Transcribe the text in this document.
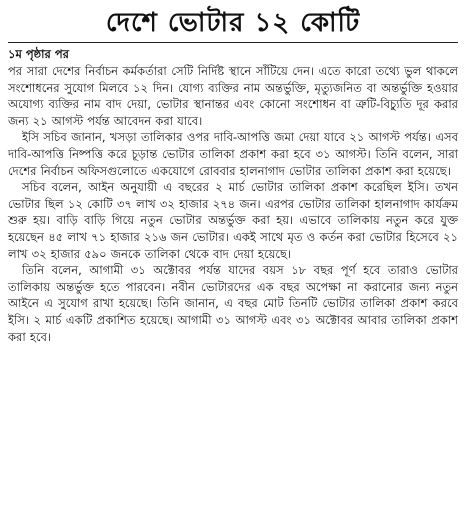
দেশে ভোটার ১২ কোটি

১ম পৃষ্ঠার পর

পর সারা দেশের নির্বাচন কর্মকর্তারা সেটি নির্দিষ্ট স্থানে সাঁটিয়ে দেন। এতে কারো তথ্যে ভুল থাকলে সংশোধনের সুযোগ মিলবে ১২ দিন। যোগ্য ব্যক্তির নাম অন্তর্ভুক্তি, মৃত্যুজনিত বা অন্তর্ভুক্তি হওয়ার অযোগ্য ব্যক্তির নাম বাদ দেয়া, ভোটার স্থানান্তর এবং কোনো সংশোধন বা ত্রুটি-বিচ্যুতি দূর করার জন্য ২১ আগস্ট পর্যন্ত আবেদন করা যাবে।

ইসি সচিব জানান, খসড়া তালিকার ওপর দাবি-আপত্তি জমা দেয়া যাবে ২১ আগস্ট পর্যন্ত। এসব দাবি-আপত্তি নিষ্পত্তি করে চূড়ান্ত ভোটার তালিকা প্রকাশ করা হবে ৩১ আগস্ট। তিনি বলেন, সারা দেশের নির্বাচন অফিসগুলোতে একযোগে রোববার হালনাগাদ ভোটার তালিকা প্রকাশ করা হয়েছে।

সচিব বলেন, আইন অনুযায়ী এ বছরের ২ মার্চ ভোটার তালিকা প্রকাশ করেছিল ইসি। তখন ভোটার ছিল ১২ কোটি ৩৭ লাখ ৩২ হাজার ২৭৪ জন। এরপর ভোটার তালিকা হালনাগাদ কার্যক্রম শুরু হয়। বাড়ি বাড়ি গিয়ে নতুন ভোটার অন্তর্ভুক্ত করা হয়। এভাবে তালিকায় নতুন করে যুক্ত হয়েছেন ৪৫ লাখ ৭১ হাজার ২১৬ জন ভোটার। একই সাথে মৃত ও কর্তন করা ভোটার হিসেবে ২১ লাখ ৩২ হাজার ৫৯০ জনকে তালিকা থেকে বাদ দেয়া হয়েছে।

তিনি বলেন, আগামী ৩১ অক্টোবর পর্যন্ত যাদের বয়স ১৮ বছর পূর্ণ হবে তারাও ভোটার তালিকায় অন্তর্ভুক্ত হতে পারবেন। নবীন ভোটারদের এক বছর অপেক্ষা না করানোর জন্য নতুন আইনে এ সুযোগ রাখা হয়েছে। তিনি জানান, এ বছর মোট তিনটি ভোটার তালিকা প্রকাশ করবে ইসি। ২ মার্চ একটি প্রকাশিত হয়েছে। আগামী ৩১ আগস্ট এবং ৩১ অক্টোবর আবার তালিকা প্রকাশ করা হবে।
